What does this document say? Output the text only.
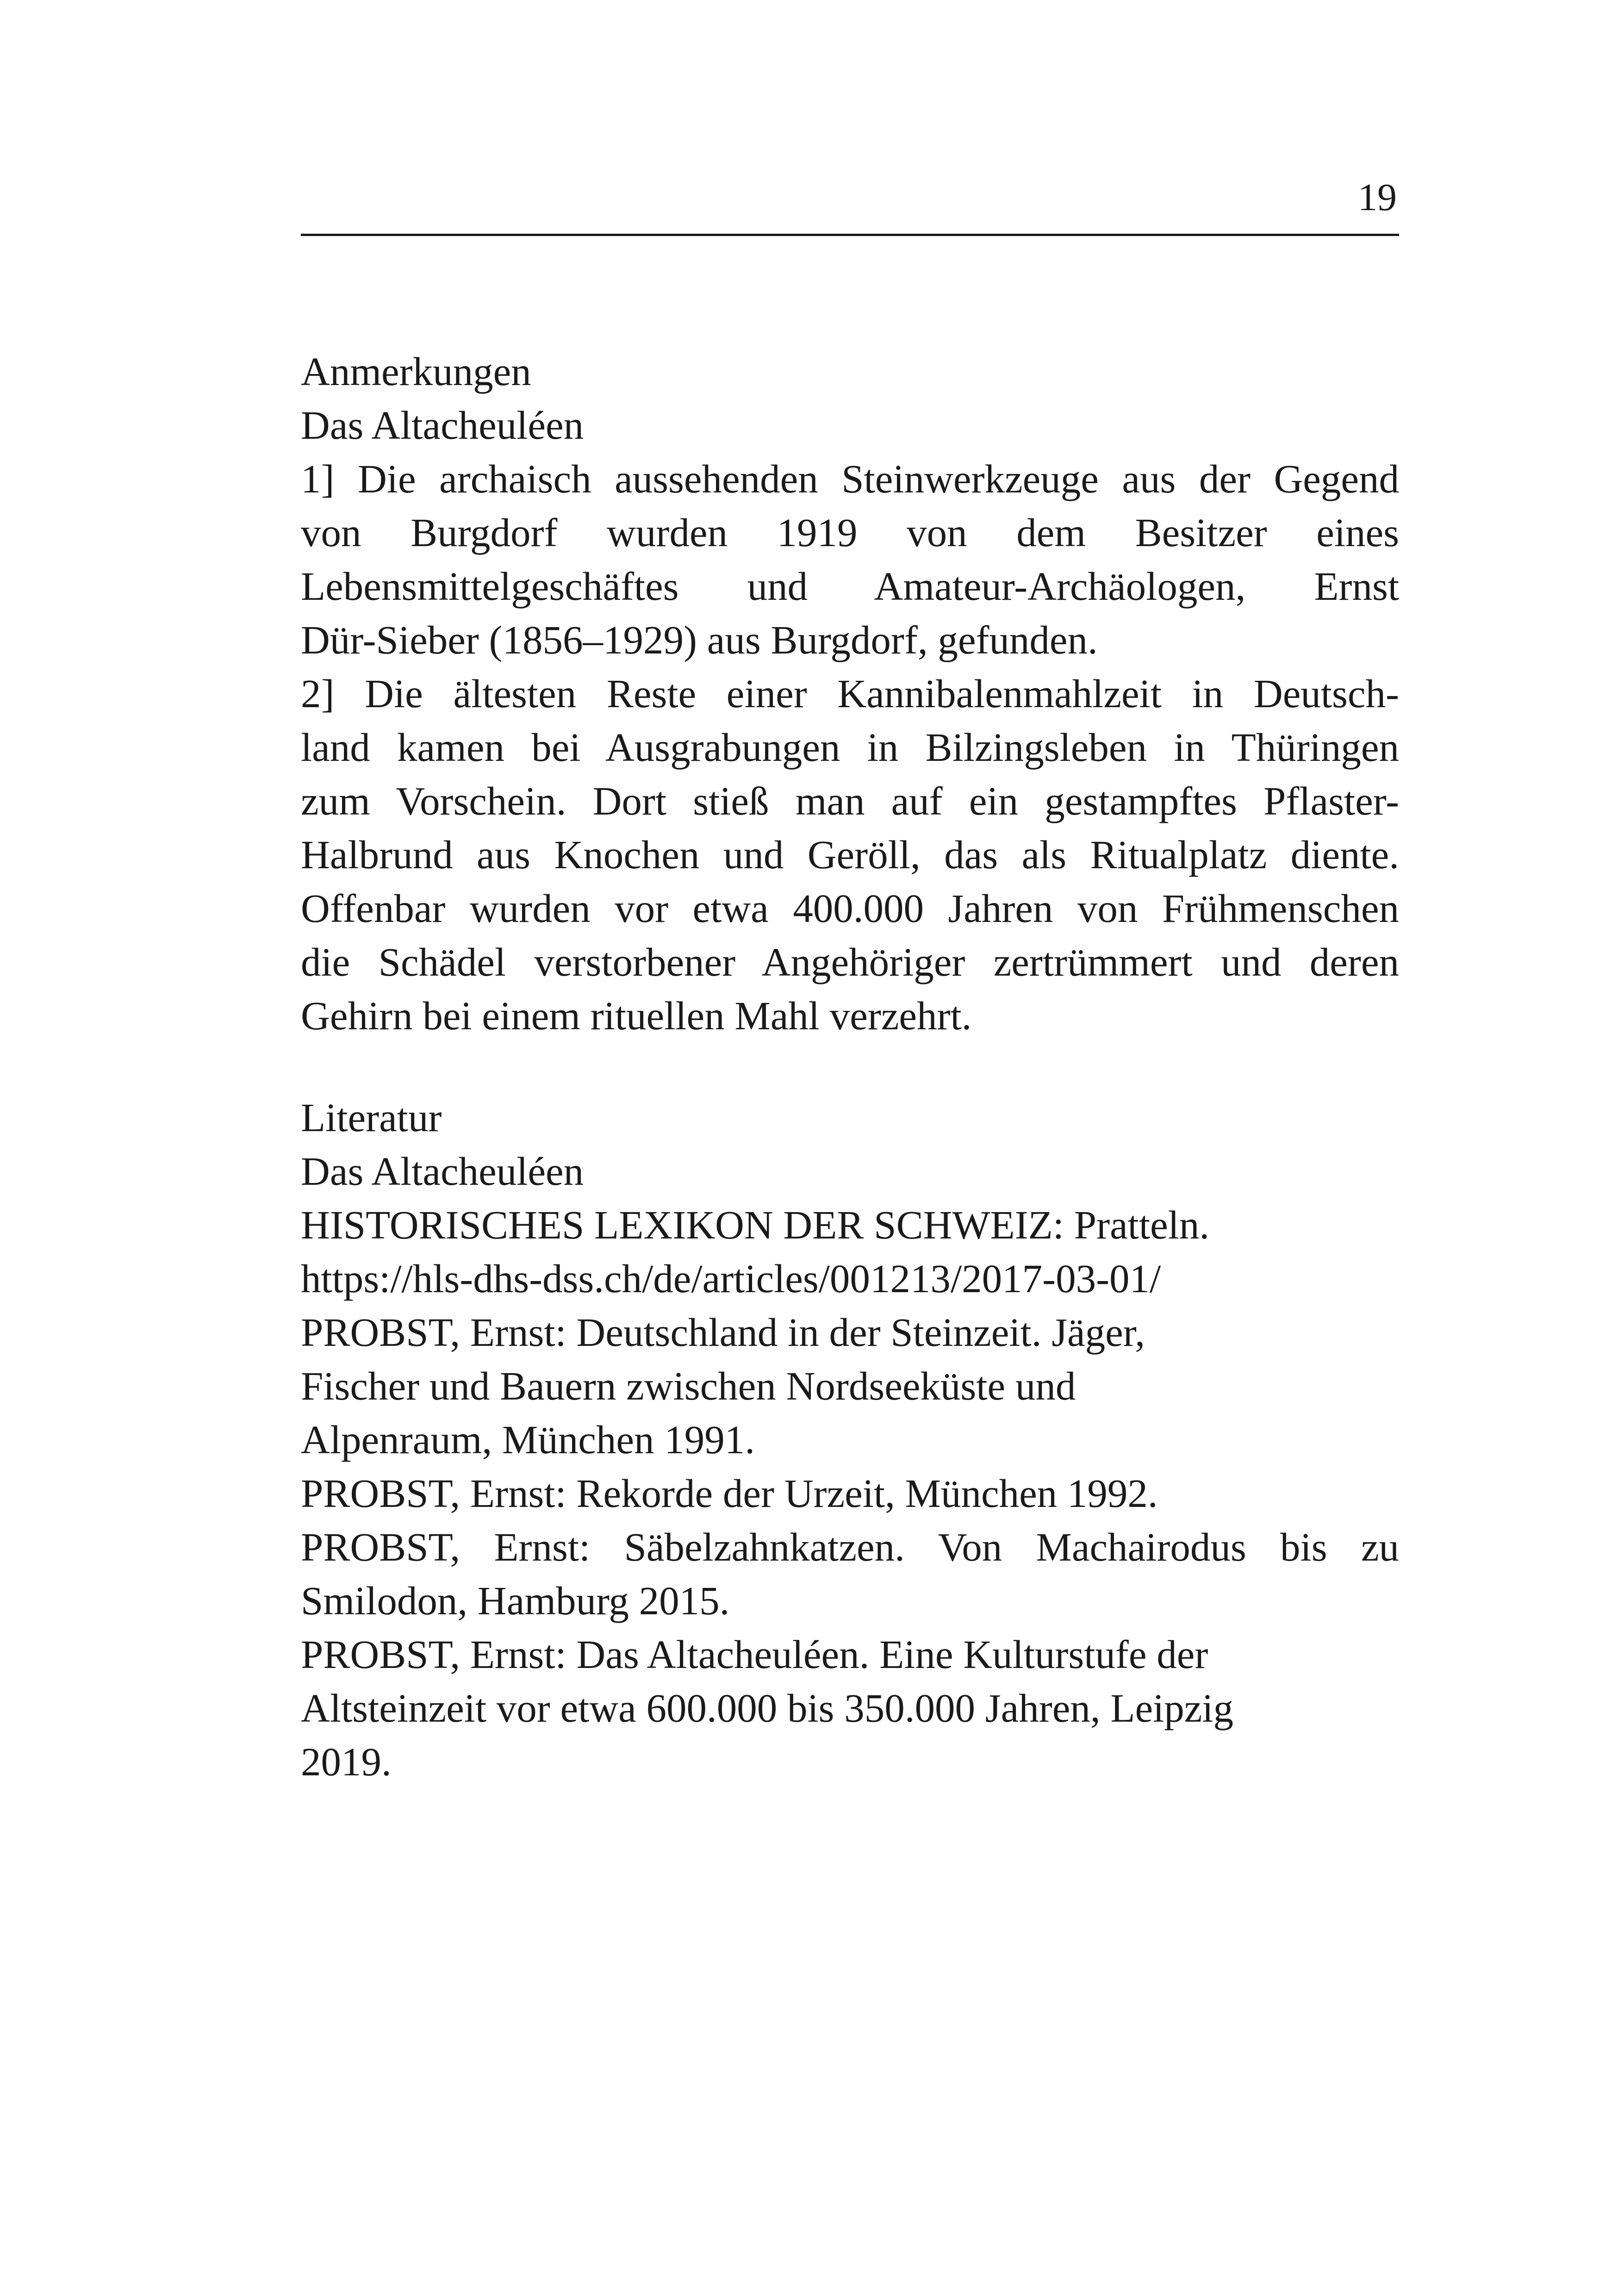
19
Anmerkungen
Das Altacheuléen
1] Die archaisch aussehenden Steinwerkzeuge aus der Gegend
von Burgdorf wurden 1919 von dem Besitzer eines
Lebensmittelgeschäftes und Amateur-Archäologen, Ernst
Dür-Sieber (1856–1929) aus Burgdorf, gefunden.
2] Die ältesten Reste einer Kannibalenmahlzeit in Deutsch-
land kamen bei Ausgrabungen in Bilzingsleben in Thüringen
zum Vorschein. Dort stieß man auf ein gestampftes Pflaster-
Halbrund aus Knochen und Geröll, das als Ritualplatz diente.
Offenbar wurden vor etwa 400.000 Jahren von Frühmenschen
die Schädel verstorbener Angehöriger zertrümmert und deren
Gehirn bei einem rituellen Mahl verzehrt.
Literatur
Das Altacheuléen
HISTORISCHES LEXIKON DER SCHWEIZ: Pratteln.
https://hls-dhs-dss.ch/de/articles/001213/2017-03-01/
PROBST, Ernst: Deutschland in der Steinzeit. Jäger,
Fischer und Bauern zwischen Nordseeküste und
Alpenraum, München 1991.
PROBST, Ernst: Rekorde der Urzeit, München 1992.
PROBST, Ernst: Säbelzahnkatzen. Von Machairodus bis zu
Smilodon, Hamburg 2015.
PROBST, Ernst: Das Altacheuléen. Eine Kulturstufe der
Altsteinzeit vor etwa 600.000 bis 350.000 Jahren, Leipzig
2019.
